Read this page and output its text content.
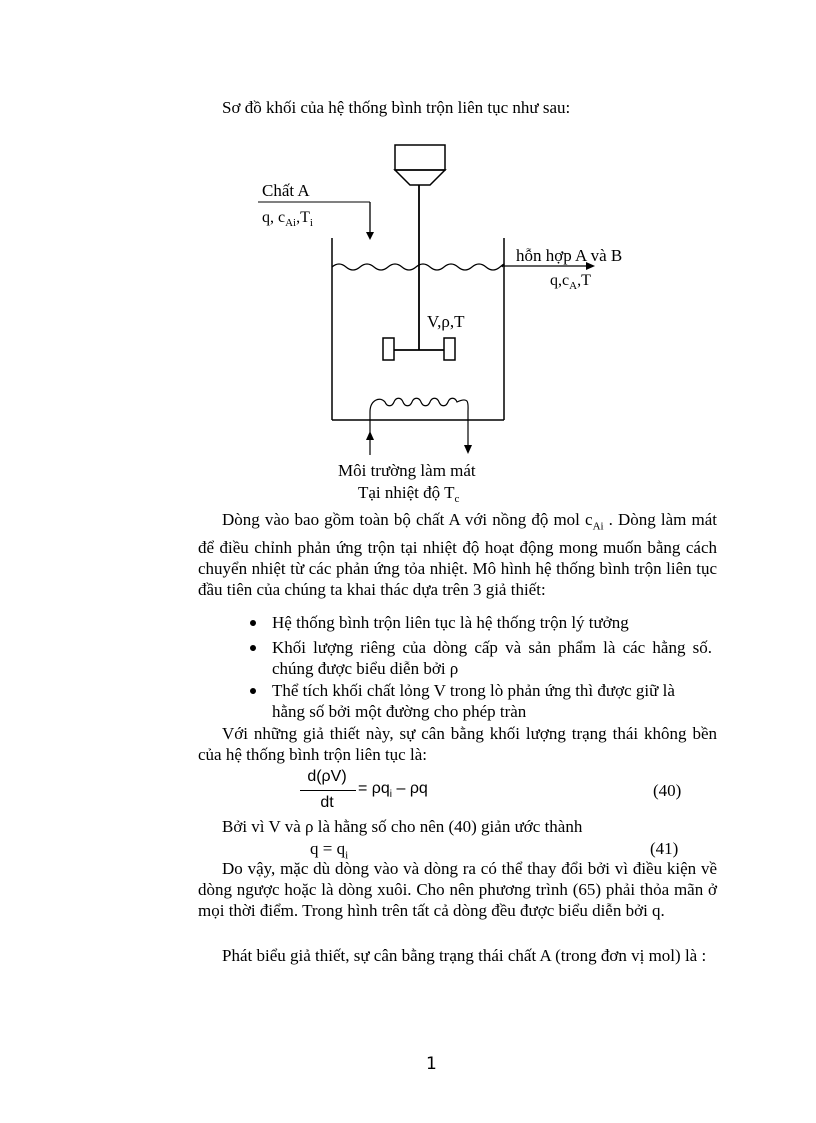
Sơ đồ khối của hệ thống bình trộn liên tục như sau:
Chất A
q, $c_{Ai},T_i$
hỗn hợp A và B
$q,c_A,T$
V,ρ,T
Môi trường làm mát
Tại nhiệt độ $T_c$
Dòng vào bao gồm toàn bộ chất A với nồng độ mol $c_{Ai}$ . Dòng làm mát để điều chỉnh phản ứng trộn tại nhiệt độ hoạt động mong muốn bằng cách chuyển nhiệt từ các phản ứng tỏa nhiệt. Mô hình hệ thống bình trộn liên tục đầu tiên của chúng ta khai thác dựa trên 3 giả thiết:
Hệ thống bình trộn liên tục là hệ thống trộn lý tưởng
Khối lượng riêng của dòng cấp và sản phẩm là các hằng số. chúng được biểu diễn bởi ρ
Thể tích khối chất lỏng V trong lò phản ứng thì được giữ là hằng số bởi một đường cho phép tràn
Với những giả thiết này, sự cân bằng khối lượng trạng thái không bền của hệ thống bình trộn liên tục là:
d(ρV)
dt
= $\rho q_i$ – ρq	(40)
Bởi vì V và ρ là hằng số cho nên (40) giản ước thành
$q = q_i$	(41)
Do vậy, mặc dù dòng vào và dòng ra có thể thay đổi bởi vì điều kiện về dòng ngược hoặc là dòng xuôi. Cho nên phương trình (65) phải thỏa mãn ở mọi thời điểm. Trong hình trên tất cả dòng đều được biểu diễn bởi q.
Phát biểu giả thiết, sự cân bằng trạng thái chất A (trong đơn vị mol) là :
1
